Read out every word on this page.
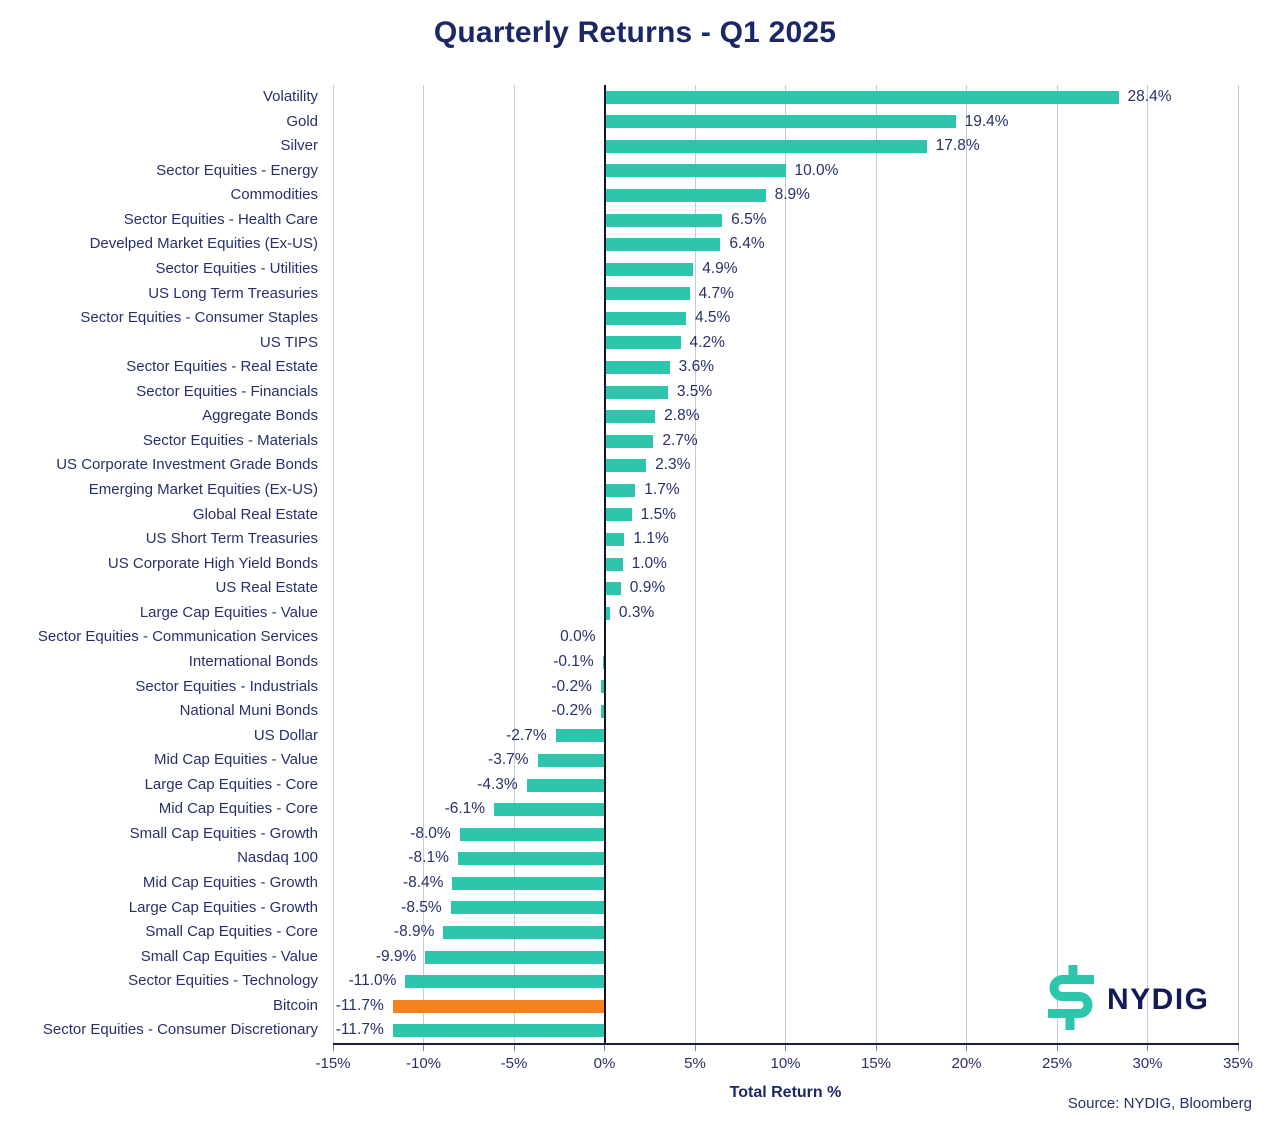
Quarterly Returns - Q1 2025
Volatility
Gold
Silver
Sector Equities - Energy
Commodities
Sector Equities - Health Care
Develped Market Equities (Ex-US)
Sector Equities - Utilities
US Long Term Treasuries
Sector Equities - Consumer Staples
US TIPS
Sector Equities - Real Estate
Sector Equities - Financials
Aggregate Bonds
Sector Equities - Materials
US Corporate Investment Grade Bonds
Emerging Market Equities (Ex-US)
Global Real Estate
US Short Term Treasuries
US Corporate High Yield Bonds
US Real Estate
Large Cap Equities - Value
Sector Equities - Communication Services
International Bonds
Sector Equities - Industrials
National Muni Bonds
US Dollar
Mid Cap Equities - Value
Large Cap Equities - Core
Mid Cap Equities - Core
Small Cap Equities - Growth
Nasdaq 100
Mid Cap Equities - Growth
Large Cap Equities - Growth
Small Cap Equities - Core
Small Cap Equities - Value
Sector Equities - Technology
Bitcoin
Sector Equities - Consumer Discretionary
28.4%
19.4%
17.8%
10.0%
8.9%
6.5%
6.4%
4.9%
4.7%
4.5%
4.2%
3.6%
3.5%
2.8%
2.7%
2.3%
1.7%
1.5%
1.1%
1.0%
0.9%
0.3%
0.0%
-0.1%
-0.2%
-0.2%
-2.7%
-3.7%
-4.3%
-6.1%
-8.0%
-8.1%
-8.4%
-8.5%
-8.9%
-9.9%
-11.0%
-11.7%
-11.7%
-15%	-10%	-5%	0%	5%	10%	15%	20%	25%	30%	35%
Total Return %
Source: NYDIG, Bloomberg
NYDIG
